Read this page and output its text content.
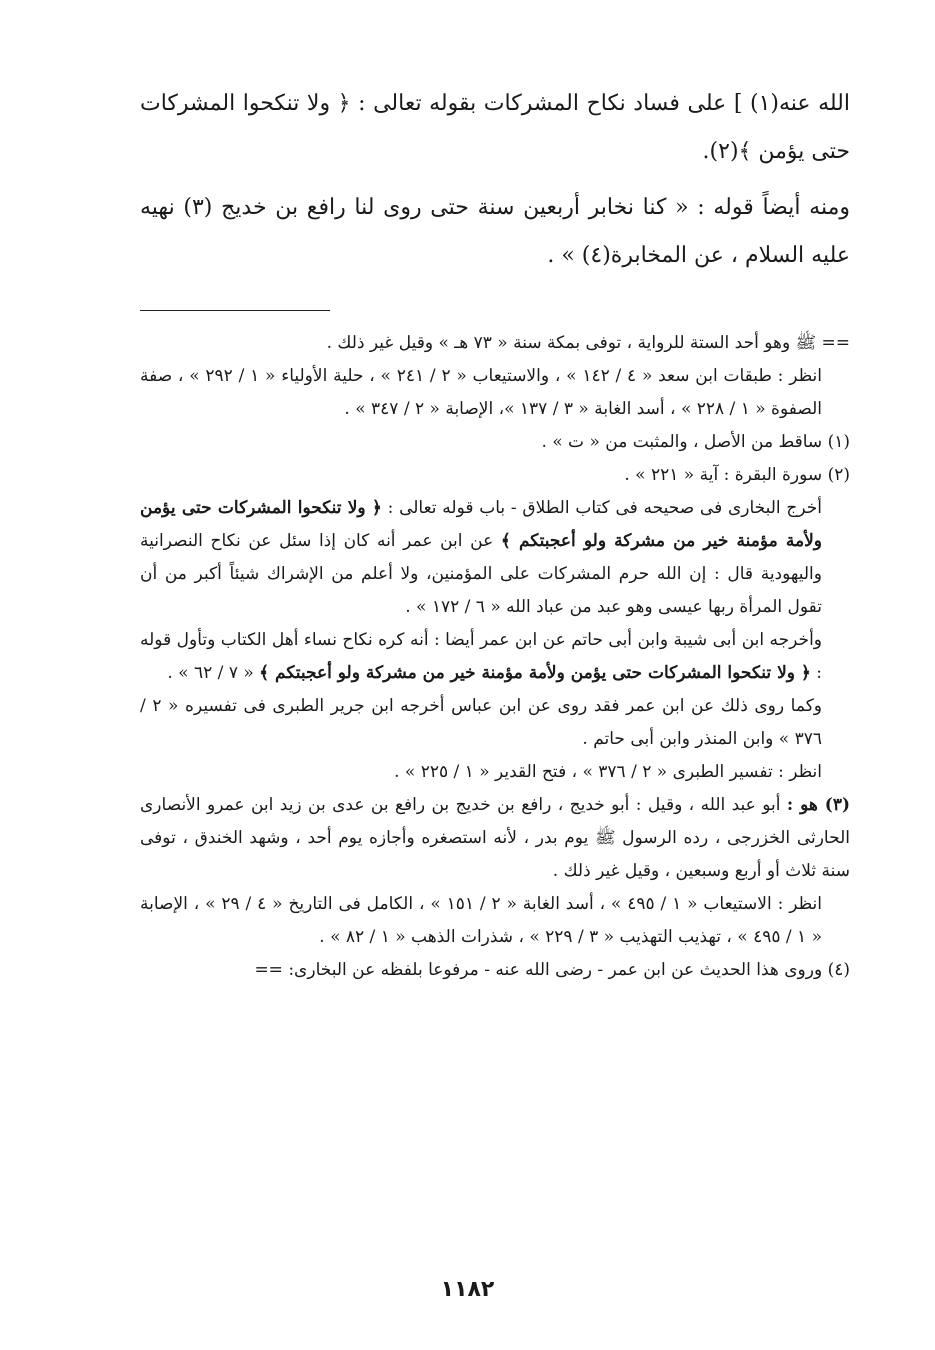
الله عنه(١) ] على فساد نكاح المشركات بقوله تعالى : ﴿ ولا تنكحوا المشركات حتى يؤمن ﴾(٢).

ومنه أيضاً قوله : « كنا نخابر أربعين سنة حتى روى لنا رافع بن خديج (٣) نهيه عليه السلام ، عن المخابرة(٤) » .

== ﷺ وهو أحد الستة للرواية ، توفى بمكة سنة « ٧٣ هـ » وقيل غير ذلك .

انظر : طبقات ابن سعد « ٤ / ١٤٢ » ، والاستيعاب « ٢ / ٢٤١ » ، حلية الأولياء « ١ / ٢٩٢ » ، صفة الصفوة « ١ / ٢٢٨ » ، أسد الغابة « ٣ / ١٣٧ »، الإصابة « ٢ / ٣٤٧ » .

(١) ساقط من الأصل ، والمثبت من « ت » .

(٢) سورة البقرة : آية « ٢٢١ » .

أخرج البخارى فى صحيحه فى كتاب الطلاق - باب قوله تعالى : ﴿ ولا تنكحوا المشركات حتى يؤمن ولأمة مؤمنة خير من مشركة ولو أعجبتكم ﴾ عن ابن عمر أنه كان إذا سئل عن نكاح النصرانية واليهودية قال : إن الله حرم المشركات على المؤمنين، ولا أعلم من الإشراك شيئاً أكبر من أن تقول المرأة ربها عيسى وهو عبد من عباد الله « ٦ / ١٧٢ » .

وأخرجه ابن أبى شيبة وابن أبى حاتم عن ابن عمر أيضا : أنه كره نكاح نساء أهل الكتاب وتأول قوله : ﴿ ولا تنكحوا المشركات حتى يؤمن ولأمة مؤمنة خير من مشركة ولو أعجبتكم ﴾ « ٧ / ٦٢ » .

وكما روى ذلك عن ابن عمر فقد روى عن ابن عباس أخرجه ابن جرير الطبرى فى تفسيره « ٢ / ٣٧٦ » وابن المنذر وابن أبى حاتم .

انظر : تفسير الطبرى « ٢ / ٣٧٦ » ، فتح القدير « ١ / ٢٢٥ » .

(٣) هو : أبو عبد الله ، وقيل : أبو خديج ، رافع بن خديج بن رافع بن عدى بن زيد ابن عمرو الأنصارى الحارثى الخزرجى ، رده الرسول ﷺ يوم بدر ، لأنه استصغره وأجازه يوم أحد ، وشهد الخندق ، توفى سنة ثلاث أو أربع وسبعين ، وقيل غير ذلك .

انظر : الاستيعاب « ١ / ٤٩٥ » ، أسد الغابة « ٢ / ١٥١ » ، الكامل فى التاريخ « ٤ / ٢٩ » ، الإصابة « ١ / ٤٩٥ » ، تهذيب التهذيب « ٣ / ٢٢٩ » ، شذرات الذهب « ١ / ٨٢ » .

(٤) وروى هذا الحديث عن ابن عمر - رضى الله عنه - مرفوعا بلفظه عن البخارى: ==

١١٨٢
